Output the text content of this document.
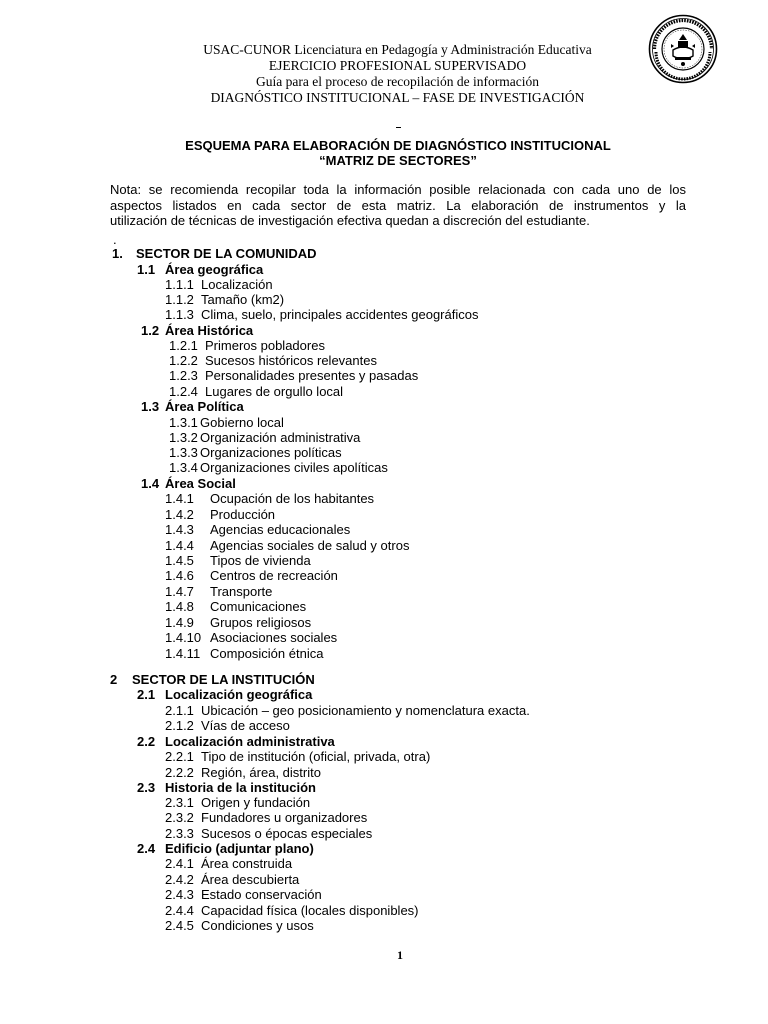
USAC-CUNOR Licenciatura en Pedagogía y Administración Educativa
EJERCICIO PROFESIONAL SUPERVISADO
Guía para el proceso de recopilación de información
DIAGNÓSTICO INSTITUCIONAL – FASE DE INVESTIGACIÓN
ESQUEMA PARA ELABORACIÓN DE DIAGNÓSTICO INSTITUCIONAL
“MATRIZ DE SECTORES”
Nota: se recomienda recopilar toda la información posible relacionada con cada uno de los
aspectos listados en cada sector de esta matriz. La elaboración de instrumentos y la
utilización de técnicas de investigación efectiva quedan a discreción del estudiante.
.
1. SECTOR DE LA COMUNIDAD
1.1 Área geográfica
1.1.1 Localización
1.1.2 Tamaño (km2)
1.1.3 Clima, suelo, principales accidentes geográficos
1.2 Área Histórica
1.2.1 Primeros pobladores
1.2.2 Sucesos históricos relevantes
1.2.3 Personalidades presentes y pasadas
1.2.4 Lugares de orgullo local
1.3 Área Política
1.3.1 Gobierno local
1.3.2 Organización administrativa
1.3.3 Organizaciones políticas
1.3.4 Organizaciones civiles apolíticas
1.4 Área Social
1.4.1 Ocupación de los habitantes
1.4.2 Producción
1.4.3 Agencias educacionales
1.4.4 Agencias sociales de salud y otros
1.4.5 Tipos de vivienda
1.4.6 Centros de recreación
1.4.7 Transporte
1.4.8 Comunicaciones
1.4.9 Grupos religiosos
1.4.10 Asociaciones sociales
1.4.11 Composición étnica
2 SECTOR DE LA INSTITUCIÓN
2.1 Localización geográfica
2.1.1 Ubicación – geo posicionamiento y nomenclatura exacta.
2.1.2 Vías de acceso
2.2 Localización administrativa
2.2.1 Tipo de institución (oficial, privada, otra)
2.2.2 Región, área, distrito
2.3 Historia de la institución
2.3.1 Origen y fundación
2.3.2 Fundadores u organizadores
2.3.3 Sucesos o épocas especiales
2.4 Edificio (adjuntar plano)
2.4.1 Área construida
2.4.2 Área descubierta
2.4.3 Estado conservación
2.4.4 Capacidad física (locales disponibles)
2.4.5 Condiciones y usos
1
